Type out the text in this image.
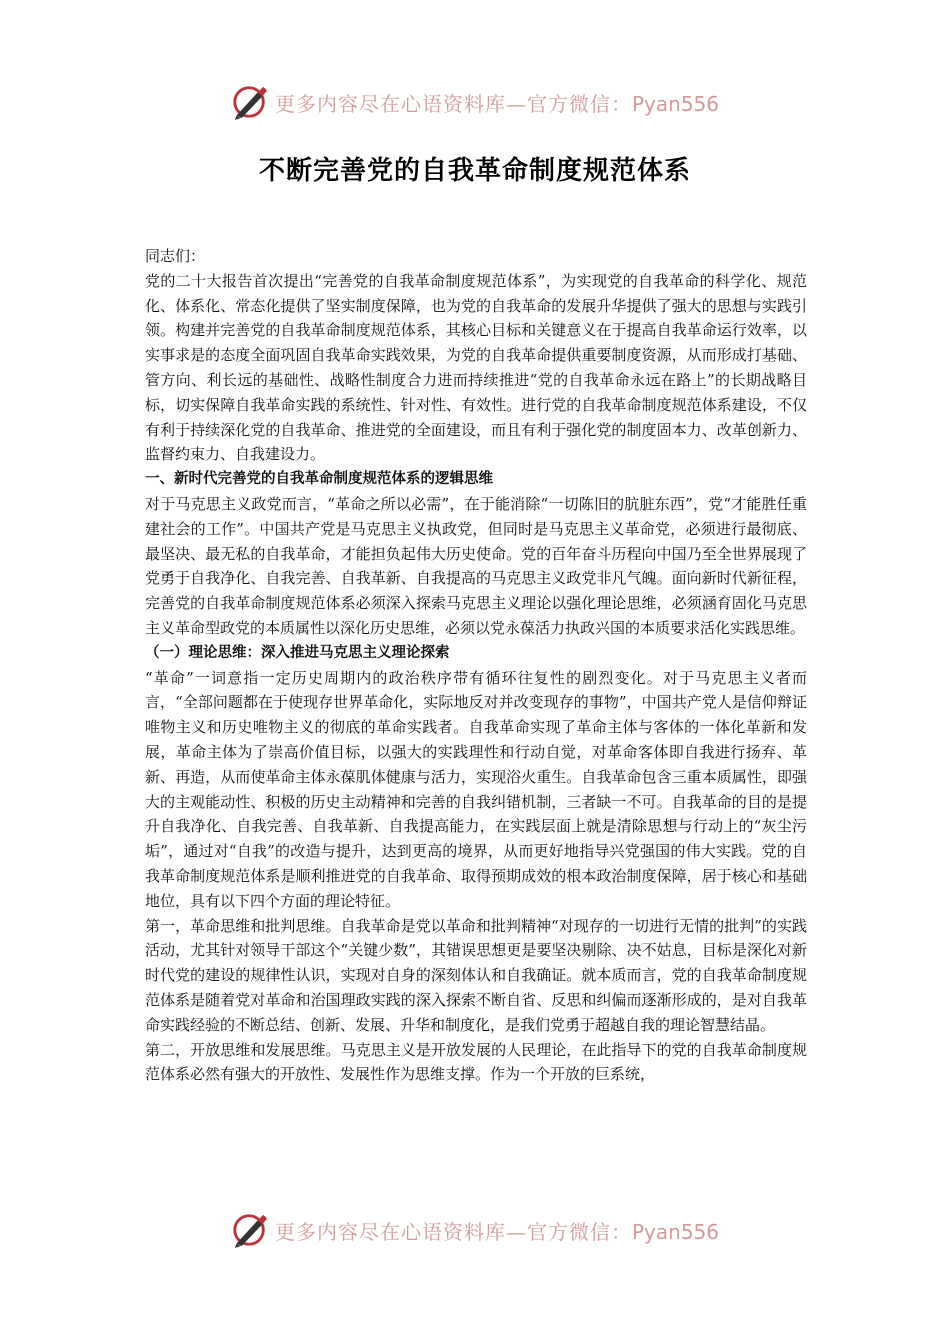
更多内容尽在心语资料库—官方微信：Pyan556
不断完善党的自我革命制度规范体系

同志们：

党的二十大报告首次提出“完善党的自我革命制度规范体系”，为实现党的自我革命的科学化、规范化、体系化、常态化提供了坚实制度保障，也为党的自我革命的发展升华提供了强大的思想与实践引领。构建并完善党的自我革命制度规范体系，其核心目标和关键意义在于提高自我革命运行效率，以实事求是的态度全面巩固自我革命实践效果，为党的自我革命提供重要制度资源，从而形成打基础、管方向、利长远的基础性、战略性制度合力进而持续推进“党的自我革命永远在路上”的长期战略目标，切实保障自我革命实践的系统性、针对性、有效性。进行党的自我革命制度规范体系建设，不仅有利于持续深化党的自我革命、推进党的全面建设，而且有利于强化党的制度固本力、改革创新力、监督约束力、自我建设力。

一、新时代完善党的自我革命制度规范体系的逻辑思维

对于马克思主义政党而言，“革命之所以必需”，在于能消除“一切陈旧的肮脏东西”，党“才能胜任重建社会的工作”。中国共产党是马克思主义执政党，但同时是马克思主义革命党，必须进行最彻底、最坚决、最无私的自我革命，才能担负起伟大历史使命。党的百年奋斗历程向中国乃至全世界展现了党勇于自我净化、自我完善、自我革新、自我提高的马克思主义政党非凡气魄。面向新时代新征程，完善党的自我革命制度规范体系必须深入探索马克思主义理论以强化理论思维，必须涵育固化马克思主义革命型政党的本质属性以深化历史思维，必须以党永葆活力执政兴国的本质要求活化实践思维。

（一）理论思维：深入推进马克思主义理论探索

“革命”一词意指一定历史周期内的政治秩序带有循环往复性的剧烈变化。对于马克思主义者而言，“全部问题都在于使现存世界革命化，实际地反对并改变现存的事物”，中国共产党人是信仰辩证唯物主义和历史唯物主义的彻底的革命实践者。自我革命实现了革命主体与客体的一体化革新和发展，革命主体为了崇高价值目标，以强大的实践理性和行动自觉，对革命客体即自我进行扬弃、革新、再造，从而使革命主体永葆肌体健康与活力，实现浴火重生。自我革命包含三重本质属性，即强大的主观能动性、积极的历史主动精神和完善的自我纠错机制，三者缺一不可。自我革命的目的是提升自我净化、自我完善、自我革新、自我提高能力，在实践层面上就是清除思想与行动上的“灰尘污垢”，通过对“自我”的改造与提升，达到更高的境界，从而更好地指导兴党强国的伟大实践。党的自我革命制度规范体系是顺利推进党的自我革命、取得预期成效的根本政治制度保障，居于核心和基础地位，具有以下四个方面的理论特征。

第一，革命思维和批判思维。自我革命是党以革命和批判精神“对现存的一切进行无情的批判”的实践活动，尤其针对领导干部这个“关键少数”，其错误思想更是要坚决剔除、决不姑息，目标是深化对新时代党的建设的规律性认识，实现对自身的深刻体认和自我确证。就本质而言，党的自我革命制度规范体系是随着党对革命和治国理政实践的深入探索不断自省、反思和纠偏而逐渐形成的，是对自我革命实践经验的不断总结、创新、发展、升华和制度化，是我们党勇于超越自我的理论智慧结晶。

第二，开放思维和发展思维。马克思主义是开放发展的人民理论，在此指导下的党的自我革命制度规范体系必然有强大的开放性、发展性作为思维支撑。作为一个开放的巨系统，

更多内容尽在心语资料库—官方微信：Pyan556
